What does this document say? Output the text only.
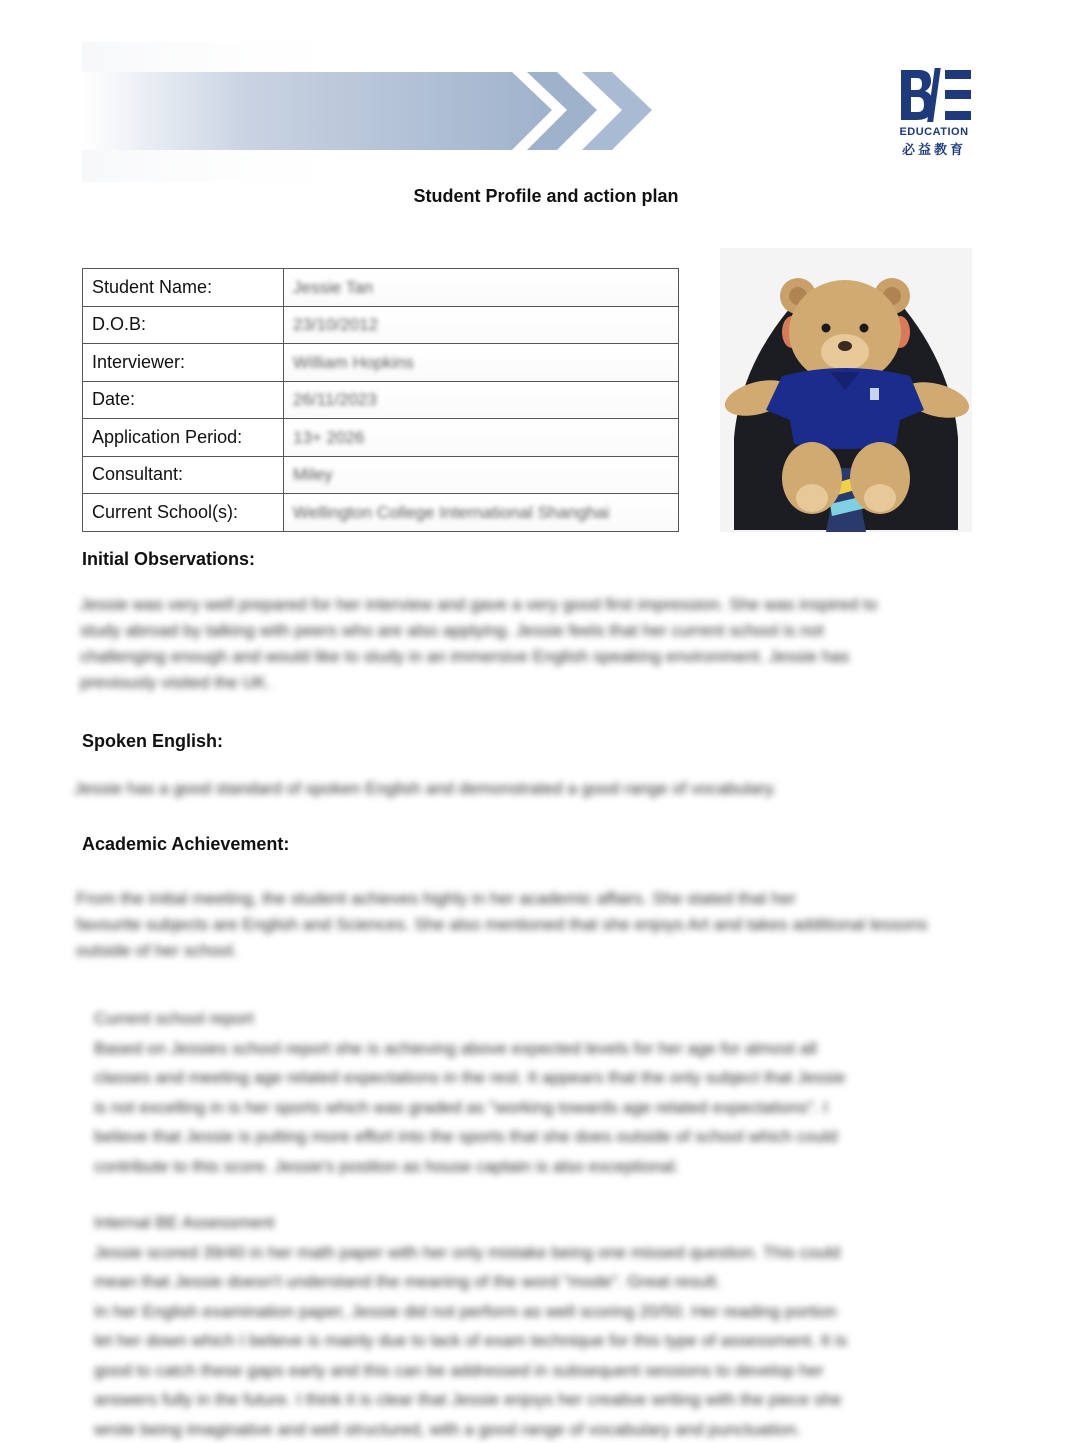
EDUCATION
必益教育
Student Profile and action plan
Student Name:	Jessie Tan
D.O.B:	23/10/2012
Interviewer:	William Hopkins
Date:	26/11/2023
Application Period:	13+ 2026
Consultant:	Miley
Current School(s):	Wellington College International Shanghai
Initial Observations:

Jessie was very well prepared for her interview and gave a very good first impression. She was inspired to

study abroad by talking with peers who are also applying. Jessie feels that her current school is not

challenging enough and would like to study in an immersive English speaking environment. Jessie has

previously visited the UK.

Spoken English:

Jessie has a good standard of spoken English and demonstrated a good range of vocabulary.

Academic Achievement:

From the initial meeting, the student achieves highly in her academic affairs. She stated that her

favourite subjects are English and Sciences. She also mentioned that she enjoys Art and takes additional lessons

outside of her school.

Current school report

Based on Jessies school report she is achieving above expected levels for her age for almost all

classes and meeting age related expectations in the rest. It appears that the only subject that Jessie

is not excelling in is her sports which was graded as "working towards age related expectations". I

believe that Jessie is putting more effort into the sports that she does outside of school which could

contribute to this score. Jessie's position as house captain is also exceptional.

Internal BE Assessment

Jessie scored 39/40 in her math paper with her only mistake being one missed question. This could

mean that Jessie doesn't understand the meaning of the word "mode". Great result.

In her English examination paper, Jessie did not perform as well scoring 20/50. Her reading portion

let her down which I believe is mainly due to lack of exam technique for this type of assessment. It is

good to catch these gaps early and this can be addressed in subsequent sessions to develop her

answers fully in the future. I think it is clear that Jessie enjoys her creative writing with the piece she

wrote being imaginative and well structured, with a good range of vocabulary and punctuation.
